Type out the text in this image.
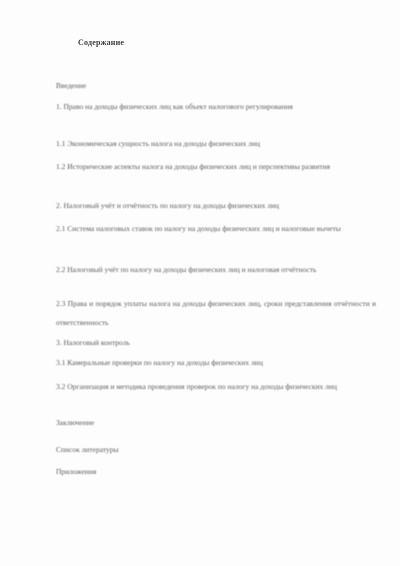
Содержание
Введение
1. Право на доходы физических лиц как объект налогового регулирования
1.1 Экономическая сущность налога на доходы физических лиц
1.2 Исторические аспекты налога на доходы физических лиц и перспективы развития
2. Налоговый учёт и отчётность по налогу на доходы физических лиц
2.1 Система налоговых ставок по налогу на доходы физических лиц и налоговые вычеты
2.2 Налоговый учёт по налогу на доходы физических лиц и налоговая отчётность
2.3 Права и порядок уплаты налога на доходы физических лиц, сроки представления отчётности и ответственность
3. Налоговый контроль
3.1 Камеральные проверки по налогу на доходы физических лиц
3.2 Организация и методика проведения проверок по налогу на доходы физических лиц
Заключение
Список литературы
Приложения
